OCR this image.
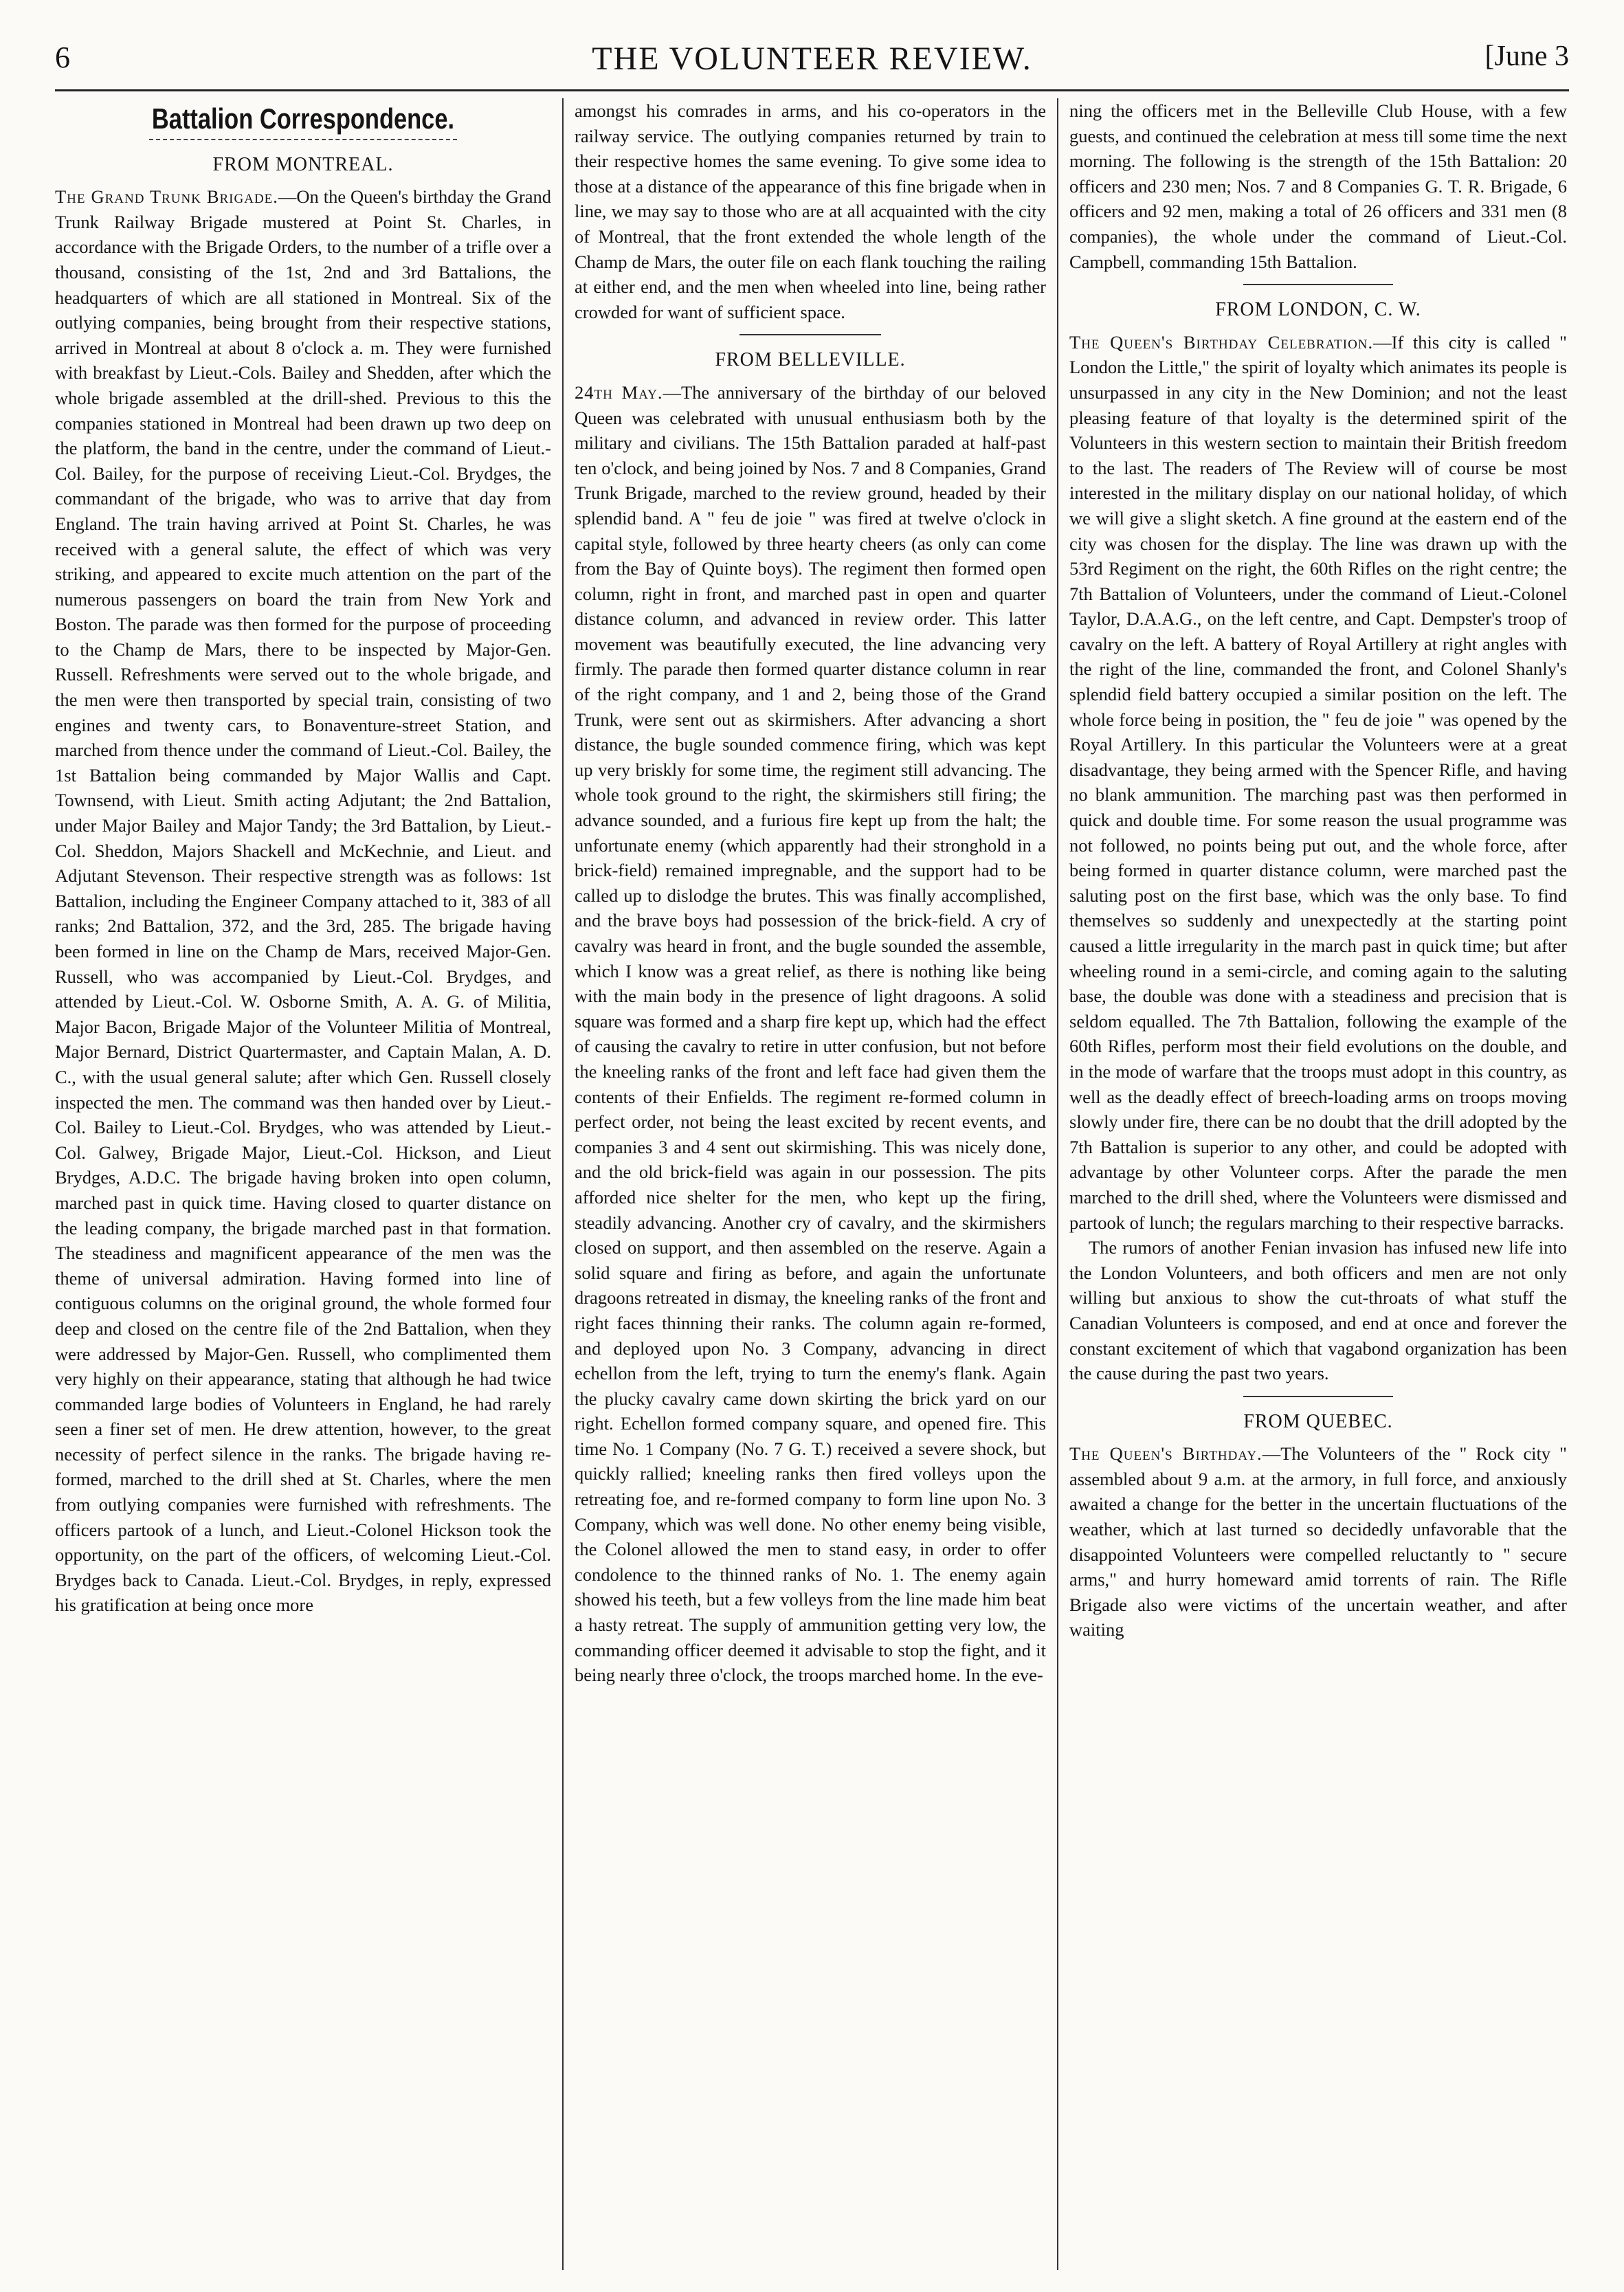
6	THE VOLUNTEER REVIEW.	[June 3
Battalion Correspondence.
FROM MONTREAL.

The Grand Trunk Brigade.—On the Queen's birthday the Grand Trunk Railway Brigade mustered at Point St. Charles, in accordance with the Brigade Orders, to the number of a trifle over a thousand, consisting of the 1st, 2nd and 3rd Battalions, the headquarters of which are all stationed in Montreal. Six of the outlying companies, being brought from their respective stations, arrived in Montreal at about 8 o'clock a. m. They were furnished with breakfast by Lieut.-Cols. Bailey and Shedden, after which the whole brigade assembled at the drill-shed. Previous to this the companies stationed in Montreal had been drawn up two deep on the platform, the band in the centre, under the command of Lieut.-Col. Bailey, for the purpose of receiving Lieut.-Col. Brydges, the commandant of the brigade, who was to arrive that day from England. The train having arrived at Point St. Charles, he was received with a general salute, the effect of which was very striking, and appeared to excite much attention on the part of the numerous passengers on board the train from New York and Boston. The parade was then formed for the purpose of proceeding to the Champ de Mars, there to be inspected by Major-Gen. Russell. Refreshments were served out to the whole brigade, and the men were then transported by special train, consisting of two engines and twenty cars, to Bonaventure-street Station, and marched from thence under the command of Lieut.-Col. Bailey, the 1st Battalion being commanded by Major Wallis and Capt. Townsend, with Lieut. Smith acting Adjutant; the 2nd Battalion, under Major Bailey and Major Tandy; the 3rd Battalion, by Lieut.-Col. Sheddon, Majors Shackell and McKechnie, and Lieut. and Adjutant Stevenson. Their respective strength was as follows: 1st Battalion, including the Engineer Company attached to it, 383 of all ranks; 2nd Battalion, 372, and the 3rd, 285. The brigade having been formed in line on the Champ de Mars, received Major-Gen. Russell, who was accompanied by Lieut.-Col. Brydges, and attended by Lieut.-Col. W. Osborne Smith, A. A. G. of Militia, Major Bacon, Brigade Major of the Volunteer Militia of Montreal, Major Bernard, District Quartermaster, and Captain Malan, A. D. C., with the usual general salute; after which Gen. Russell closely inspected the men. The command was then handed over by Lieut.-Col. Bailey to Lieut.-Col. Brydges, who was attended by Lieut.-Col. Galwey, Brigade Major, Lieut.-Col. Hickson, and Lieut Brydges, A.D.C. The brigade having broken into open column, marched past in quick time. Having closed to quarter distance on the leading company, the brigade marched past in that formation. The steadiness and magnificent appearance of the men was the theme of universal admiration. Having formed into line of contiguous columns on the original ground, the whole formed four deep and closed on the centre file of the 2nd Battalion, when they were addressed by Major-Gen. Russell, who complimented them very highly on their appearance, stating that although he had twice commanded large bodies of Volunteers in England, he had rarely seen a finer set of men. He drew attention, however, to the great necessity of perfect silence in the ranks. The brigade having re-formed, marched to the drill shed at St. Charles, where the men from outlying companies were furnished with refreshments. The officers partook of a lunch, and Lieut.-Colonel Hickson took the opportunity, on the part of the officers, of welcoming Lieut.-Col. Brydges back to Canada. Lieut.-Col. Brydges, in reply, expressed his gratification at being once more

amongst his comrades in arms, and his co-operators in the railway service. The outlying companies returned by train to their respective homes the same evening. To give some idea to those at a distance of the appearance of this fine brigade when in line, we may say to those who are at all acquainted with the city of Montreal, that the front extended the whole length of the Champ de Mars, the outer file on each flank touching the railing at either end, and the men when wheeled into line, being rather crowded for want of sufficient space.

FROM BELLEVILLE.

24th May.—The anniversary of the birthday of our beloved Queen was celebrated with unusual enthusiasm both by the military and civilians. The 15th Battalion paraded at half-past ten o'clock, and being joined by Nos. 7 and 8 Companies, Grand Trunk Brigade, marched to the review ground, headed by their splendid band. A " feu de joie " was fired at twelve o'clock in capital style, followed by three hearty cheers (as only can come from the Bay of Quinte boys). The regiment then formed open column, right in front, and marched past in open and quarter distance column, and advanced in review order. This latter movement was beautifully executed, the line advancing very firmly. The parade then formed quarter distance column in rear of the right company, and 1 and 2, being those of the Grand Trunk, were sent out as skirmishers. After advancing a short distance, the bugle sounded commence firing, which was kept up very briskly for some time, the regiment still advancing. The whole took ground to the right, the skirmishers still firing; the advance sounded, and a furious fire kept up from the halt; the unfortunate enemy (which apparently had their stronghold in a brick-field) remained impregnable, and the support had to be called up to dislodge the brutes. This was finally accomplished, and the brave boys had possession of the brick-field. A cry of cavalry was heard in front, and the bugle sounded the assemble, which I know was a great relief, as there is nothing like being with the main body in the presence of light dragoons. A solid square was formed and a sharp fire kept up, which had the effect of causing the cavalry to retire in utter confusion, but not before the kneeling ranks of the front and left face had given them the contents of their Enfields. The regiment re-formed column in perfect order, not being the least excited by recent events, and companies 3 and 4 sent out skirmishing. This was nicely done, and the old brick-field was again in our possession. The pits afforded nice shelter for the men, who kept up the firing, steadily advancing. Another cry of cavalry, and the skirmishers closed on support, and then assembled on the reserve. Again a solid square and firing as before, and again the unfortunate dragoons retreated in dismay, the kneeling ranks of the front and right faces thinning their ranks. The column again re-formed, and deployed upon No. 3 Company, advancing in direct echellon from the left, trying to turn the enemy's flank. Again the plucky cavalry came down skirting the brick yard on our right. Echellon formed company square, and opened fire. This time No. 1 Company (No. 7 G. T.) received a severe shock, but quickly rallied; kneeling ranks then fired volleys upon the retreating foe, and re-formed company to form line upon No. 3 Company, which was well done. No other enemy being visible, the Colonel allowed the men to stand easy, in order to offer condolence to the thinned ranks of No. 1. The enemy again showed his teeth, but a few volleys from the line made him beat a hasty retreat. The supply of ammunition getting very low, the commanding officer deemed it advisable to stop the fight, and it being nearly three o'clock, the troops marched home. In the eve-

ning the officers met in the Belleville Club House, with a few guests, and continued the celebration at mess till some time the next morning. The following is the strength of the 15th Battalion: 20 officers and 230 men; Nos. 7 and 8 Companies G. T. R. Brigade, 6 officers and 92 men, making a total of 26 officers and 331 men (8 companies), the whole under the command of Lieut.-Col. Campbell, commanding 15th Battalion.

FROM LONDON, C. W.

The Queen's Birthday Celebration.—If this city is called " London the Little," the spirit of loyalty which animates its people is unsurpassed in any city in the New Dominion; and not the least pleasing feature of that loyalty is the determined spirit of the Volunteers in this western section to maintain their British freedom to the last. The readers of The Review will of course be most interested in the military display on our national holiday, of which we will give a slight sketch. A fine ground at the eastern end of the city was chosen for the display. The line was drawn up with the 53rd Regiment on the right, the 60th Rifles on the right centre; the 7th Battalion of Volunteers, under the command of Lieut.-Colonel Taylor, D.A.A.G., on the left centre, and Capt. Dempster's troop of cavalry on the left. A battery of Royal Artillery at right angles with the right of the line, commanded the front, and Colonel Shanly's splendid field battery occupied a similar position on the left. The whole force being in position, the " feu de joie " was opened by the Royal Artillery. In this particular the Volunteers were at a great disadvantage, they being armed with the Spencer Rifle, and having no blank ammunition. The marching past was then performed in quick and double time. For some reason the usual programme was not followed, no points being put out, and the whole force, after being formed in quarter distance column, were marched past the saluting post on the first base, which was the only base. To find themselves so suddenly and unexpectedly at the starting point caused a little irregularity in the march past in quick time; but after wheeling round in a semi-circle, and coming again to the saluting base, the double was done with a steadiness and precision that is seldom equalled. The 7th Battalion, following the example of the 60th Rifles, perform most their field evolutions on the double, and in the mode of warfare that the troops must adopt in this country, as well as the deadly effect of breech-loading arms on troops moving slowly under fire, there can be no doubt that the drill adopted by the 7th Battalion is superior to any other, and could be adopted with advantage by other Volunteer corps. After the parade the men marched to the drill shed, where the Volunteers were dismissed and partook of lunch; the regulars marching to their respective barracks.

The rumors of another Fenian invasion has infused new life into the London Volunteers, and both officers and men are not only willing but anxious to show the cut-throats of what stuff the Canadian Volunteers is composed, and end at once and forever the constant excitement of which that vagabond organization has been the cause during the past two years.

FROM QUEBEC.

The Queen's Birthday.—The Volunteers of the " Rock city " assembled about 9 a.m. at the armory, in full force, and anxiously awaited a change for the better in the uncertain fluctuations of the weather, which at last turned so decidedly unfavorable that the disappointed Volunteers were compelled reluctantly to " secure arms," and hurry homeward amid torrents of rain. The Rifle Brigade also were victims of the uncertain weather, and after waiting
